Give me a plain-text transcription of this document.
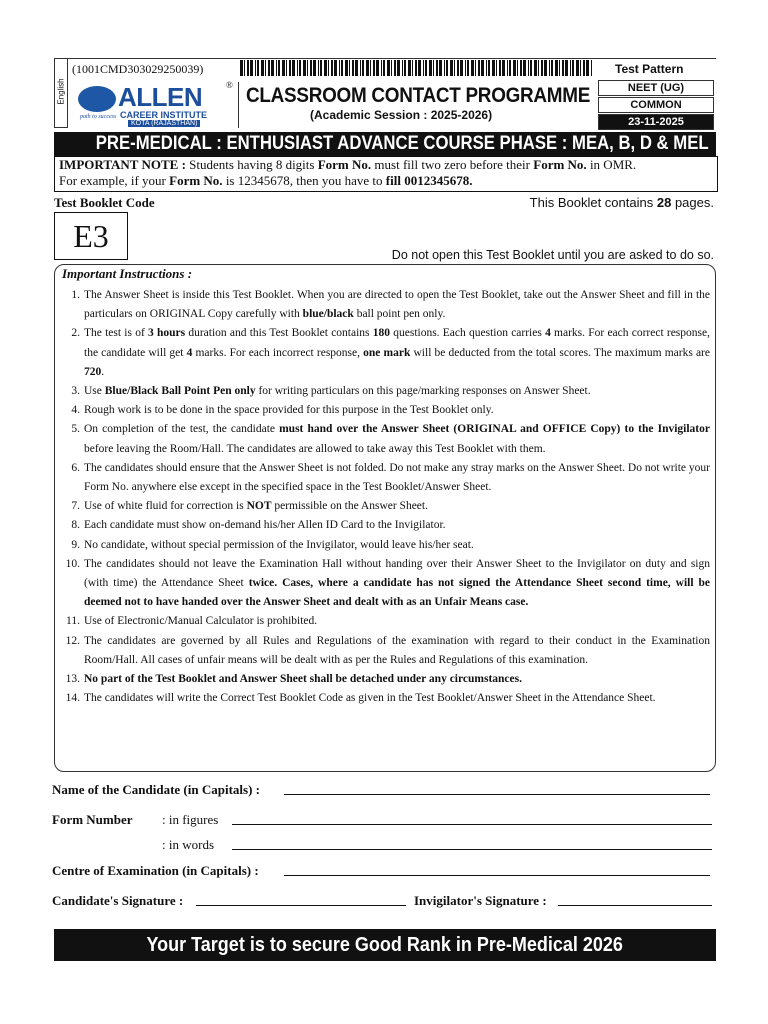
English
(1001CMD303029250039)	Test Pattern
ALLEN	®
path to success CAREER INSTITUTE
KOTA (RAJASTHAN)
CLASSROOM CONTACT PROGRAMME
(Academic Session : 2025-2026)
NEET (UG)
COMMON
23-11-2025
PRE-MEDICAL : ENTHUSIAST ADVANCE COURSE PHASE : MEA, B, D & MEL
IMPORTANT NOTE : Students having 8 digits Form No. must fill two zero before their Form No. in OMR.
For example, if your Form No. is 12345678, then you have to fill 0012345678.
Test Booklet Code	This Booklet contains 28 pages.
E3
Do not open this Test Booklet until you are asked to do so.
Important Instructions :
1. The Answer Sheet is inside this Test Booklet. When you are directed to open the Test Booklet, take out the Answer Sheet and fill in the particulars on ORIGINAL Copy carefully with blue/black ball point pen only.
2. The test is of 3 hours duration and this Test Booklet contains 180 questions. Each question carries 4 marks. For each correct response, the candidate will get 4 marks. For each incorrect response, one mark will be deducted from the total scores. The maximum marks are 720.
3. Use Blue/Black Ball Point Pen only for writing particulars on this page/marking responses on Answer Sheet.
4. Rough work is to be done in the space provided for this purpose in the Test Booklet only.
5. On completion of the test, the candidate must hand over the Answer Sheet (ORIGINAL and OFFICE Copy) to the Invigilator before leaving the Room/Hall. The candidates are allowed to take away this Test Booklet with them.
6. The candidates should ensure that the Answer Sheet is not folded. Do not make any stray marks on the Answer Sheet. Do not write your Form No. anywhere else except in the specified space in the Test Booklet/Answer Sheet.
7. Use of white fluid for correction is NOT permissible on the Answer Sheet.
8. Each candidate must show on-demand his/her Allen ID Card to the Invigilator.
9. No candidate, without special permission of the Invigilator, would leave his/her seat.
10. The candidates should not leave the Examination Hall without handing over their Answer Sheet to the Invigilator on duty and sign (with time) the Attendance Sheet twice. Cases, where a candidate has not signed the Attendance Sheet second time, will be deemed not to have handed over the Answer Sheet and dealt with as an Unfair Means case.
11. Use of Electronic/Manual Calculator is prohibited.
12. The candidates are governed by all Rules and Regulations of the examination with regard to their conduct in the Examination Room/Hall. All cases of unfair means will be dealt with as per the Rules and Regulations of this examination.
13. No part of the Test Booklet and Answer Sheet shall be detached under any circumstances.
14. The candidates will write the Correct Test Booklet Code as given in the Test Booklet/Answer Sheet in the Attendance Sheet.
Name of the Candidate (in Capitals) :
Form Number : in figures
: in words
Centre of Examination (in Capitals) :
Candidate's Signature :	Invigilator's Signature :
Your Target is to secure Good Rank in Pre-Medical 2026
